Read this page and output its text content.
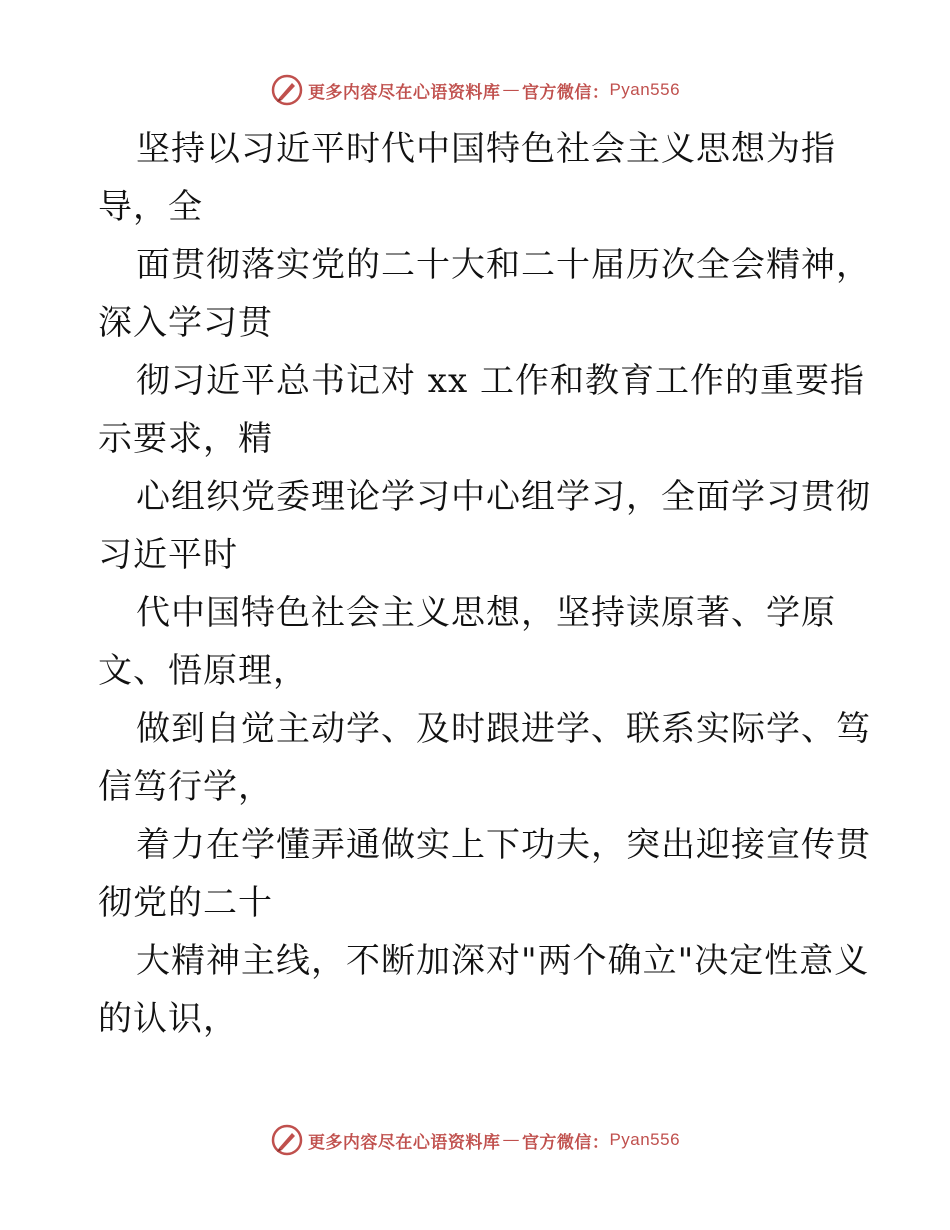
更多内容尽在心语资料库 — 官方微信： Pyan556

坚持以习近平时代中国特色社会主义思想为指
导，全

面贯彻落实党的二十大和二十届历次全会精神，
深入学习贯

彻习近平总书记对 xx 工作和教育工作的重要指
示要求，精

心组织党委理论学习中心组学习，全面学习贯彻
习近平时

代中国特色社会主义思想，坚持读原著、学原
文、悟原理，

做到自觉主动学、及时跟进学、联系实际学、笃
信笃行学，

着力在学懂弄通做实上下功夫，突出迎接宣传贯
彻党的二十

大精神主线，不断加深对"两个确立"决定性意义
的认识，

更多内容尽在心语资料库 — 官方微信： Pyan556
